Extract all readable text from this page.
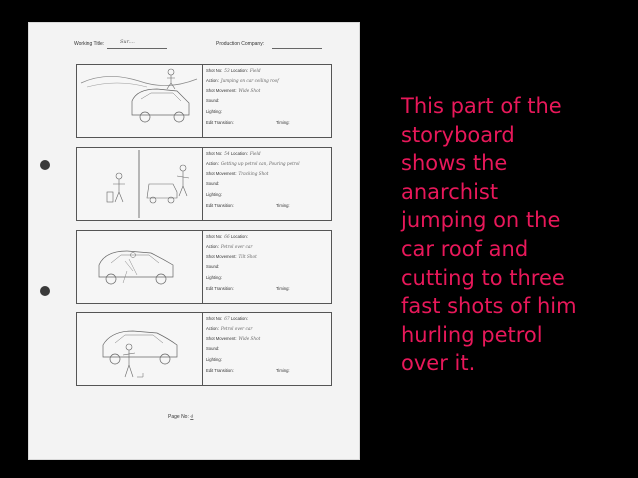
Working Title:	Sur....	Production Company:
Shot No: 53 Location: Field
Action: Jumping on car ceiling roof
Shot Movement: Wide Shot
Sound:
Lighting:
Edit Transition:	Timing:
Shot No: 54 Location: Field
Action: Getting up petrol can, Pouring petrol
Shot Movement: Tracking Shot
Sound:
Lighting:
Edit Transition:	Timing:
Shot No: 66 Location:
Action: Petrol over car
Shot Movement: Tilt Shot
Sound:
Lighting:
Edit Transition:	Timing:
Shot No: 67 Location:
Action: Petrol over car
Shot Movement: Wide Shot
Sound:
Lighting:
Edit Transition:	Timing:
Page No: 4

This part of the
storyboard
shows the
anarchist
jumping on the
car roof and
cutting to three
fast shots of him
hurling petrol
over it.
